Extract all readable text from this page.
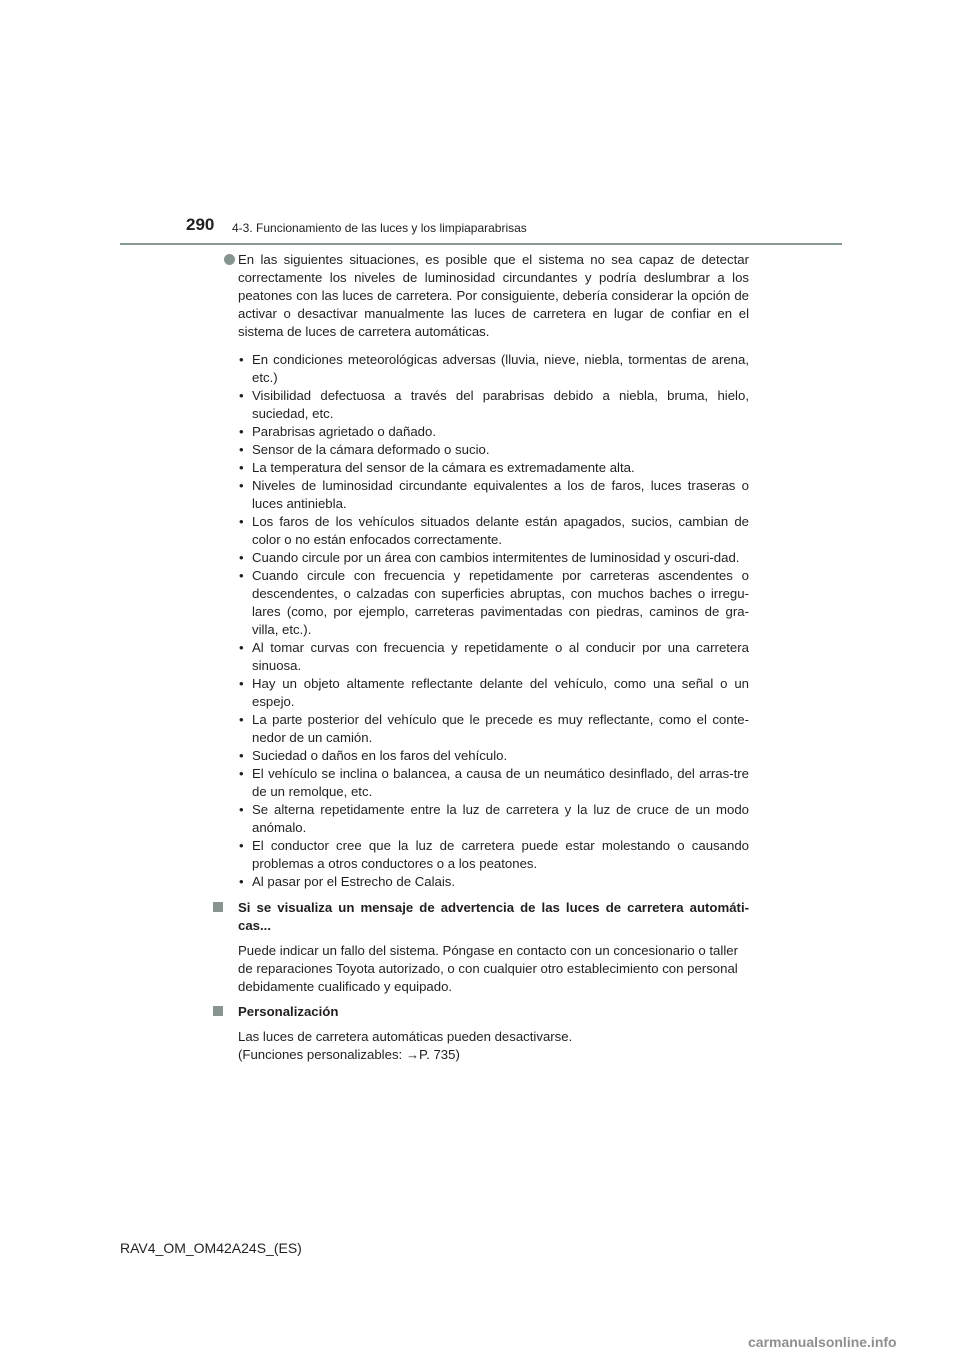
290 4-3. Funcionamiento de las luces y los limpiaparabrisas
En las siguientes situaciones, es posible que el sistema no sea capaz de detectar correctamente los niveles de luminosidad circundantes y podría deslumbrar a los peatones con las luces de carretera. Por consiguiente, debería considerar la opción de activar o desactivar manualmente las luces de carretera en lugar de confiar en el sistema de luces de carretera automáticas.
• En condiciones meteorológicas adversas (lluvia, nieve, niebla, tormentas de arena, etc.)
• Visibilidad defectuosa a través del parabrisas debido a niebla, bruma, hielo, suciedad, etc.
• Parabrisas agrietado o dañado.
• Sensor de la cámara deformado o sucio.
• La temperatura del sensor de la cámara es extremadamente alta.
• Niveles de luminosidad circundante equivalentes a los de faros, luces traseras o luces antiniebla.
• Los faros de los vehículos situados delante están apagados, sucios, cambian de color o no están enfocados correctamente.
• Cuando circule por un área con cambios intermitentes de luminosidad y oscuri-dad.
• Cuando circule con frecuencia y repetidamente por carreteras ascendentes o descendentes, o calzadas con superficies abruptas, con muchos baches o irregu-lares (como, por ejemplo, carreteras pavimentadas con piedras, caminos de gra-villa, etc.).
• Al tomar curvas con frecuencia y repetidamente o al conducir por una carretera sinuosa.
• Hay un objeto altamente reflectante delante del vehículo, como una señal o un espejo.
• La parte posterior del vehículo que le precede es muy reflectante, como el conte-nedor de un camión.
• Suciedad o daños en los faros del vehículo.
• El vehículo se inclina o balancea, a causa de un neumático desinflado, del arras-tre de un remolque, etc.
• Se alterna repetidamente entre la luz de carretera y la luz de cruce de un modo anómalo.
• El conductor cree que la luz de carretera puede estar molestando o causando problemas a otros conductores o a los peatones.
• Al pasar por el Estrecho de Calais.
Si se visualiza un mensaje de advertencia de las luces de carretera automáti-cas...

Puede indicar un fallo del sistema. Póngase en contacto con un concesionario o taller de reparaciones Toyota autorizado, o con cualquier otro establecimiento con personal debidamente cualificado y equipado.

Personalización

Las luces de carretera automáticas pueden desactivarse.

(Funciones personalizables: →P. 735)

RAV4_OM_OM42A24S_(ES)
carmanualsonline.info
